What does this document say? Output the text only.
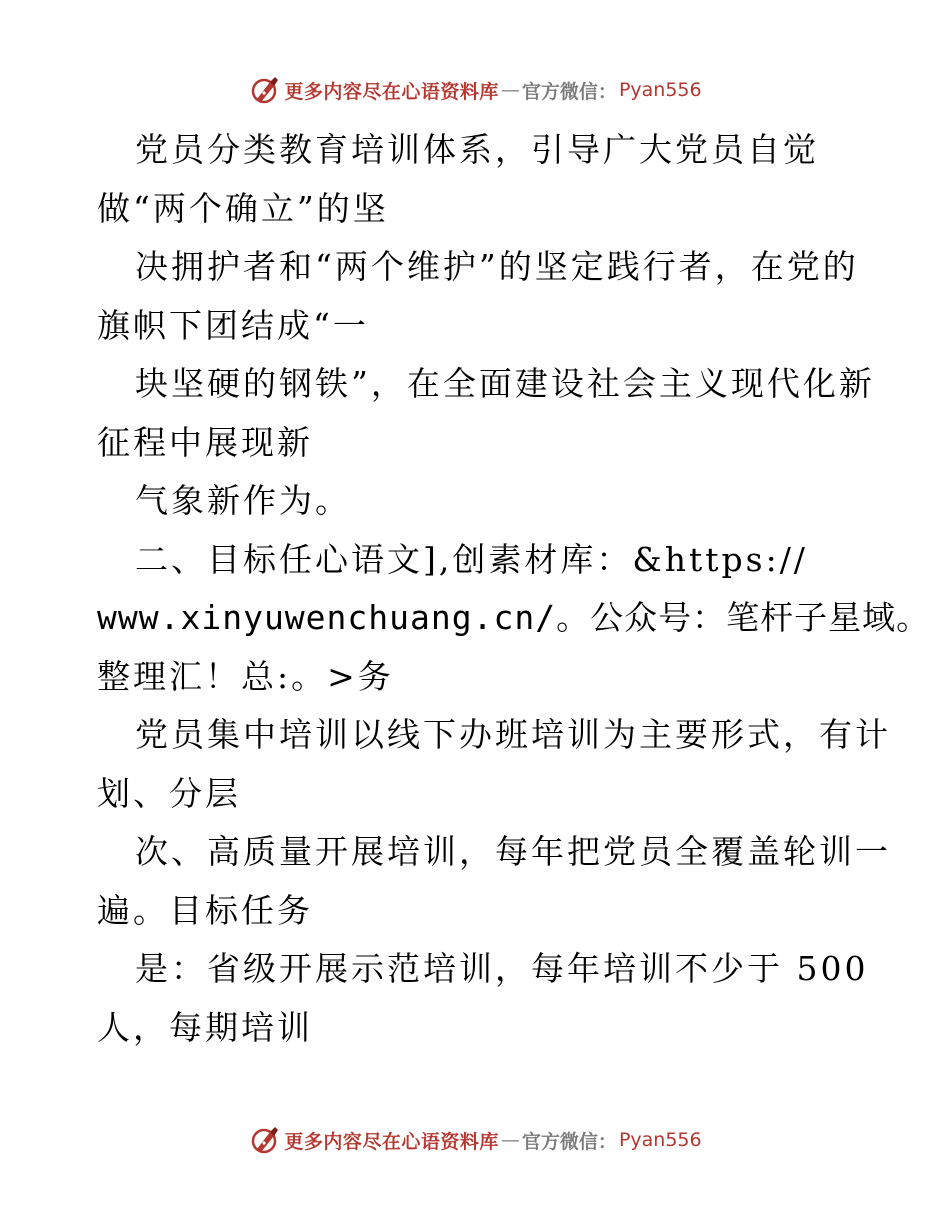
更多内容尽在心语资料库 — 官方微信： Pyan556
党员分类教育培训体系，引导广大党员自觉
做“两个确立”的坚
决拥护者和“两个维护”的坚定践行者，在党的
旗帜下团结成“一
块坚硬的钢铁”，在全面建设社会主义现代化新
征程中展现新
气象新作为。
二、目标任心语文],创素材库：&https://
www.xinyuwenchuang.cn/。公众号：笔杆子星域。
整理汇！总:。>务
党员集中培训以线下办班培训为主要形式，有计
划、分层
次、高质量开展培训，每年把党员全覆盖轮训一
遍。目标任务
是：省级开展示范培训，每年培训不少于 500
人，每期培训
更多内容尽在心语资料库 — 官方微信： Pyan556
